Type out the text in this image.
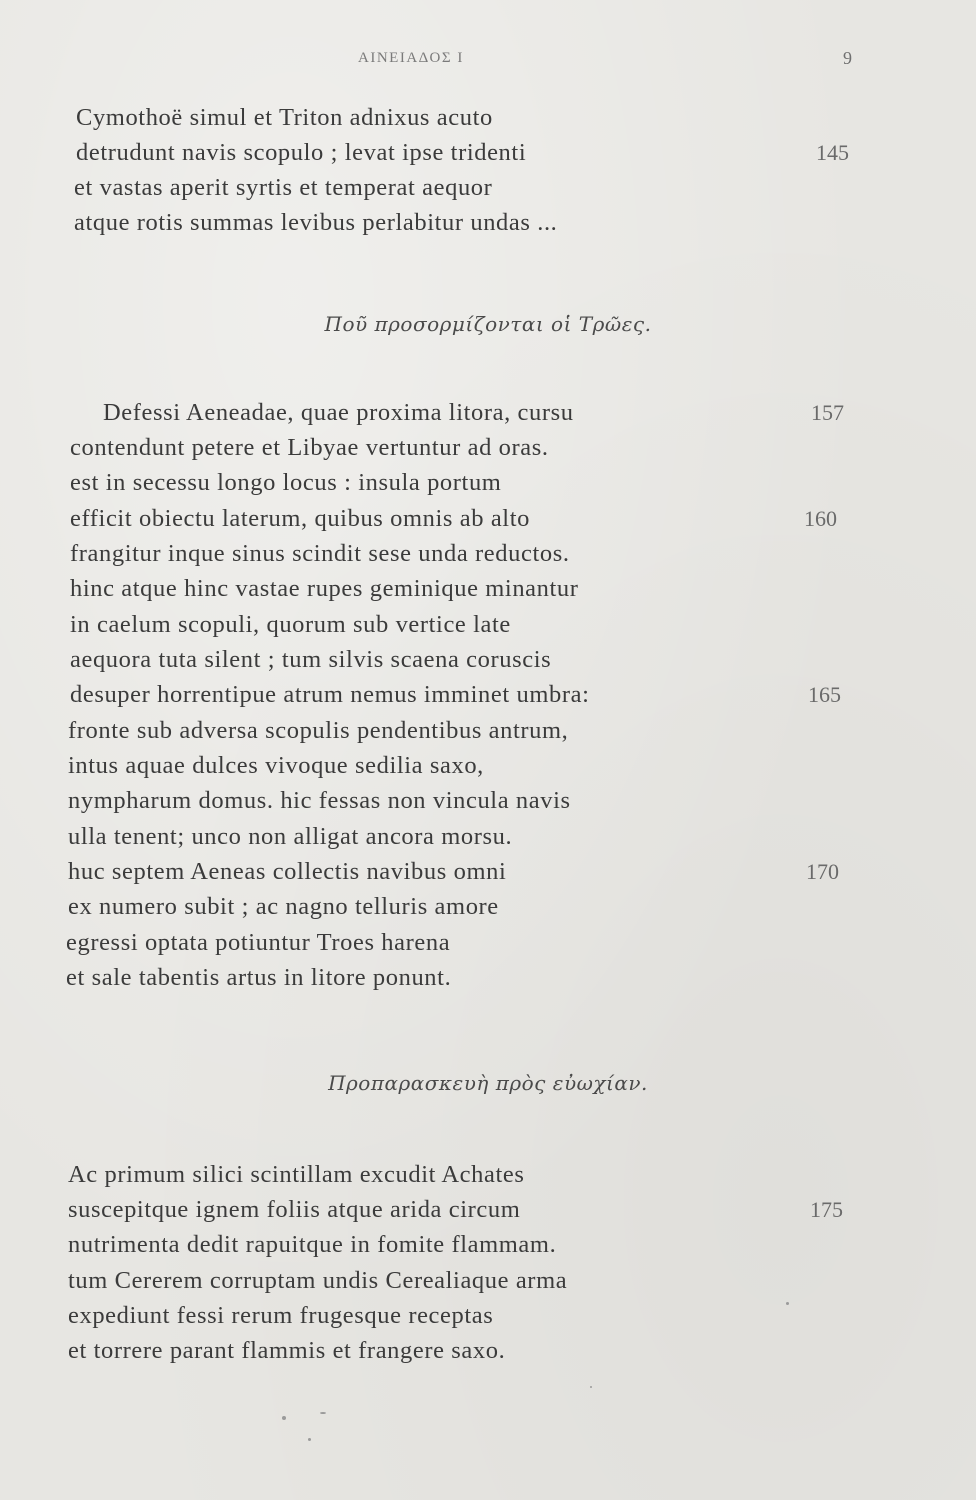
ΑΙΝΕΙΑΔΟΣ Ι	9
Cymothoë simul et Triton adnixus acuto
detrudunt navis scopulo ; levat ipse tridenti	145
et vastas aperit syrtis et temperat aequor
atque rotis summas levibus perlabitur undas ...
Ποῦ προσορμίζονται οἱ Τρῶες.
Defessi Aeneadae, quae proxima litora, cursu	157
contendunt petere et Libyae vertuntur ad oras.
est in secessu longo locus : insula portum
efficit obiectu laterum, quibus omnis ab alto	160
frangitur inque sinus scindit sese unda reductos.
hinc atque hinc vastae rupes geminique minantur
in caelum scopuli, quorum sub vertice late
aequora tuta silent ; tum silvis scaena coruscis
desuper horrentipue atrum nemus imminet umbra:	165
fronte sub adversa scopulis pendentibus antrum,
intus aquae dulces vivoque sedilia saxo,
nympharum domus. hic fessas non vincula navis
ulla tenent; unco non alligat ancora morsu.
huc septem Aeneas collectis navibus omni	170
ex numero subit ; ac nagno telluris amore
egressi optata potiuntur Troes harena
et sale tabentis artus in litore ponunt.
Προπαρασκευὴ πρὸς εὐωχίαν.
Ac primum silici scintillam excudit Achates
suscepitque ignem foliis atque arida circum	175
nutrimenta dedit rapuitque in fomite flammam.
tum Cererem corruptam undis Cerealiaque arma
expediunt fessi rerum frugesque receptas
et torrere parant flammis et frangere saxo.
